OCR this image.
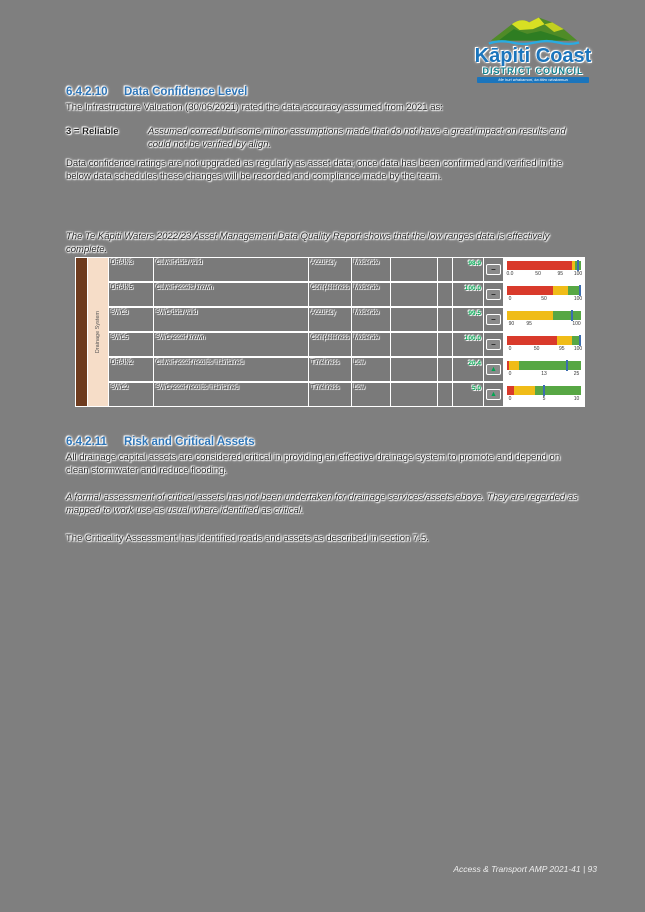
Kāpiti Coast
DISTRICT COUNCIL
Me huri whakamuri, ka titiro whakamua
6.4.2.10	Data Confidence Level
The Infrastructure Valuation (30/06/2021) rated the data accuracy assumed from 2021 as:
3 = Reliable	Assumed correct but some minor assumptions made that do not have a great impact on results and could not be verified by align.
Data confidence ratings are not upgraded as regularly as asset data; once data has been confirmed and verified in the below data schedules these changes will be recorded and compliance made by the team.
The Te Kāpiti Waters 2022/23 Asset Management Data Quality Report shows that the low ranges data is effectively complete.
Drainage System
DRAIN3	Culvert data valid	Accuracy	Moderate	98.9
–
0.0	50	95 100
DRAIN5	Culvert assets known	Completeness Moderate	100.0
–
0	50	100
SWC3	SWC data valid	Accuracy	Moderate	99.5
–
90 95	100
SWC5	SWC asset known	Completeness Moderate	100.0
–
0	50	95 100
DRAIN2	Culvert asset records maintained	Timeliness Low	20.4
▲
0	13	25
SWC2	SWC asset records maintained	Timeliness Low	5.0
▲
0	5	10
6.4.2.11	Risk and Critical Assets
All drainage capital assets are considered critical in providing an effective drainage system to promote and depend on clean stormwater and reduce flooding.
A formal assessment of critical assets has not been undertaken for drainage services/assets above. They are regarded as mapped to work use as usual where identified as critical.
The Criticality Assessment has identified roads and assets as described in section 7.5.
Access & Transport AMP 2021-41 | 93
